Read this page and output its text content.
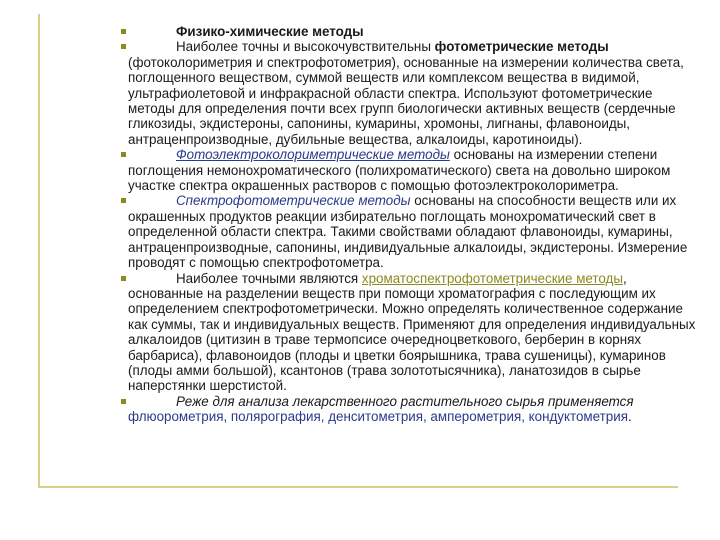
Физико-химические методы

Наиболее точны и высокочувствительны фотометрические методы (фотоколориметрия и спектрофотометрия), основанные на измерении количества света, поглощенного веществом, суммой веществ или комплексом вещества в видимой, ультрафиолетовой и инфракрасной области спектра. Используют фотометрические методы для определения почти всех групп биологически активных веществ (сердечные гликозиды, экдистероны, сапонины, кумарины, хромоны, лигнаны, флавоноиды, антраценпроизводные, дубильные вещества, алкалоиды, каротиноиды).

Фотоэлектроколориметрические методы основаны на измерении степени поглощения немонохроматического (полихроматического) света на довольно широком участке спектра окрашенных растворов с помощью фотоэлектроколориметра.

Спектрофотометрические методы основаны на способности веществ или их окрашенных продуктов реакции избирательно поглощать монохроматический свет в определенной области спектра. Такими свойствами обладают флавоноиды, кумарины, антраценпроизводные, сапонины, индивидуальные алкалоиды, экдистероны. Измерение проводят с помощью спектрофотометра.

Наиболее точными являются хроматоспектрофотометрические методы, основанные на разделении веществ при помощи хроматография с последующим их определением спектрофотометрически. Можно определять количественное содержание как суммы, так и индивидуальных веществ. Применяют для определения индивидуальных алкалоидов (цитизин в траве термопсисе очередноцветкового, берберин в корнях барбариса), флавоноидов (плоды и цветки боярышника, трава сушеницы), кумаринов (плоды амми большой), ксантонов (трава золототысячника), ланатозидов в сырье наперстянки шерстистой.

Реже для анализа лекарственного растительного сырья применяется флюорометрия, полярография, денситометрия, амперометрия, кондуктометрия.
